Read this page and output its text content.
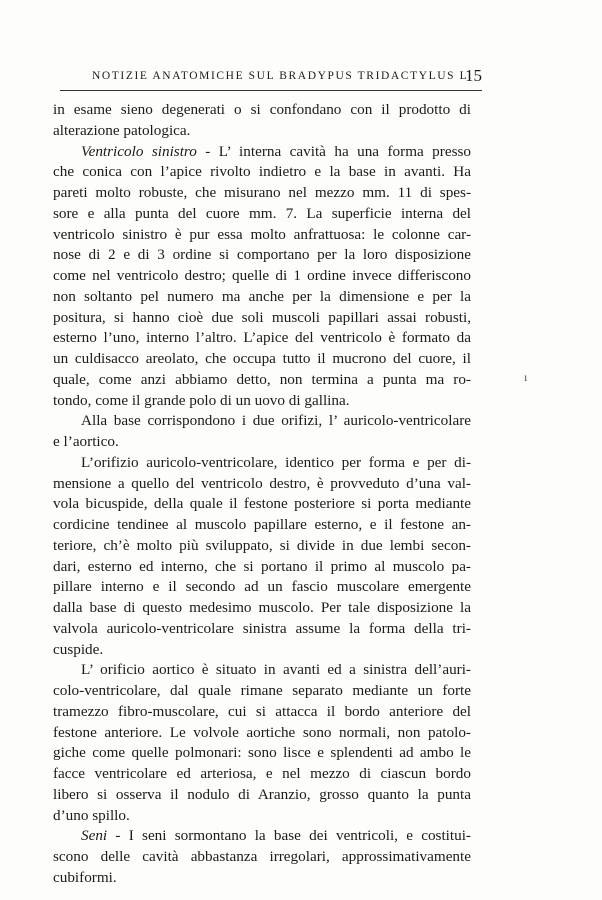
NOTIZIE ANATOMICHE SUL BRADYPUS TRIDACTYLUS L.
15
in esame sieno degenerati o si confondano con il prodotto di
alterazione patologica.
Ventricolo sinistro - L’ interna cavità ha una forma presso
che conica con l’apice rivolto indietro e la base in avanti. Ha
pareti molto robuste, che misurano nel mezzo mm. 11 di spes-
sore e alla punta del cuore mm. 7. La superficie interna del
ventricolo sinistro è pur essa molto anfrattuosa: le colonne car-
nose di 2 e di 3 ordine si comportano per la loro disposizione
come nel ventricolo destro; quelle di 1 ordine invece differiscono
non soltanto pel numero ma anche per la dimensione e per la
positura, si hanno cioè due soli muscoli papillari assai robusti,
esterno l’uno, interno l’altro. L’apice del ventricolo è formato da
un culdisacco areolato, che occupa tutto il mucrono del cuore, il
quale, come anzi abbiamo detto, non termina a punta ma ro-
tondo, come il grande polo di un uovo di gallina.
Alla base corrispondono i due orifizi, l’ auricolo-ventricolare
e l’aortico.
L’orifizio auricolo-ventricolare, identico per forma e per di-
mensione a quello del ventricolo destro, è provveduto d’una val-
vola bicuspide, della quale il festone posteriore si porta mediante
cordicine tendinee al muscolo papillare esterno, e il festone an-
teriore, ch’è molto più sviluppato, si divide in due lembi secon-
dari, esterno ed interno, che si portano il primo al muscolo pa-
pillare interno e il secondo ad un fascio muscolare emergente
dalla base di questo medesimo muscolo. Per tale disposizione la
valvola auricolo-ventricolare sinistra assume la forma della tri-
cuspide.
L’ orificio aortico è situato in avanti ed a sinistra dell’auri-
colo-ventricolare, dal quale rimane separato mediante un forte
tramezzo fibro-muscolare, cui si attacca il bordo anteriore del
festone anteriore. Le volvole aortiche sono normali, non patolo-
giche come quelle polmonari: sono lisce e splendenti ad ambo le
facce ventricolare ed arteriosa, e nel mezzo di ciascun bordo
libero si osserva il nodulo di Aranzio, grosso quanto la punta
d’uno spillo.
Seni - I seni sormontano la base dei ventricoli, e costitui-
scono delle cavità abbastanza irregolari, approssimativamente
cubiformi.
ı
